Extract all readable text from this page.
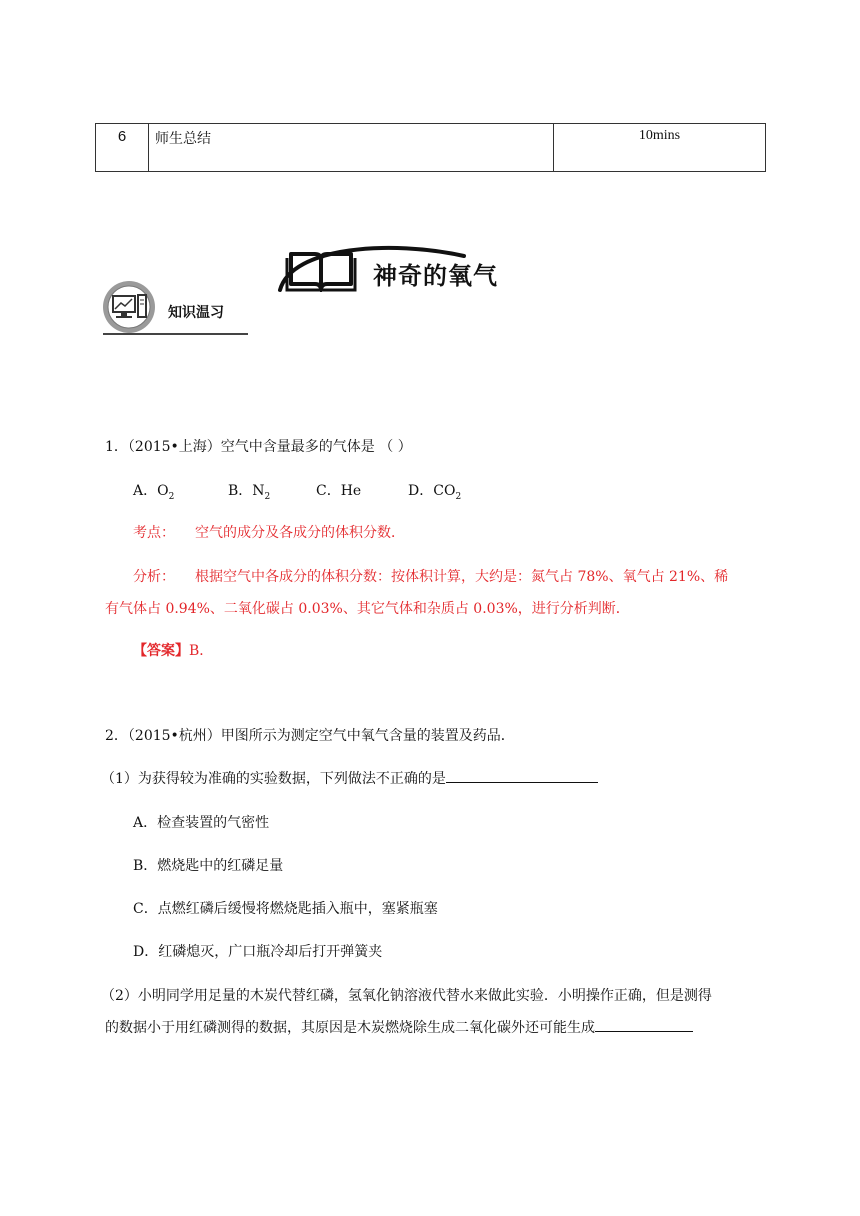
6	师生总结	10mins
神奇的氧气
知识温习
1．（2015•上海）空气中含量最多的气体是 （ ）
A．$O_2$	B．$N_2$	C．He	D．$CO_2$
考点： 空气的成分及各成分的体积分数．
分析： 根据空气中各成分的体积分数：按体积计算，大约是：氮气占 78%、氧气占 21%、稀
有气体占 0.94%、二氧化碳占 0.03%、其它气体和杂质占 0.03%，进行分析判断．
【答案】B．
2．（2015•杭州）甲图所示为测定空气中氧气含量的装置及药品．
（1）为获得较为准确的实验数据，下列做法不正确的是
A．检查装置的气密性
B．燃烧匙中的红磷足量
C．点燃红磷后缓慢将燃烧匙插入瓶中，塞紧瓶塞
D．红磷熄灭，广口瓶冷却后打开弹簧夹
（2）小明同学用足量的木炭代替红磷，氢氧化钠溶液代替水来做此实验．小明操作正确，但是测得
的数据小于用红磷测得的数据，其原因是木炭燃烧除生成二氧化碳外还可能生成
